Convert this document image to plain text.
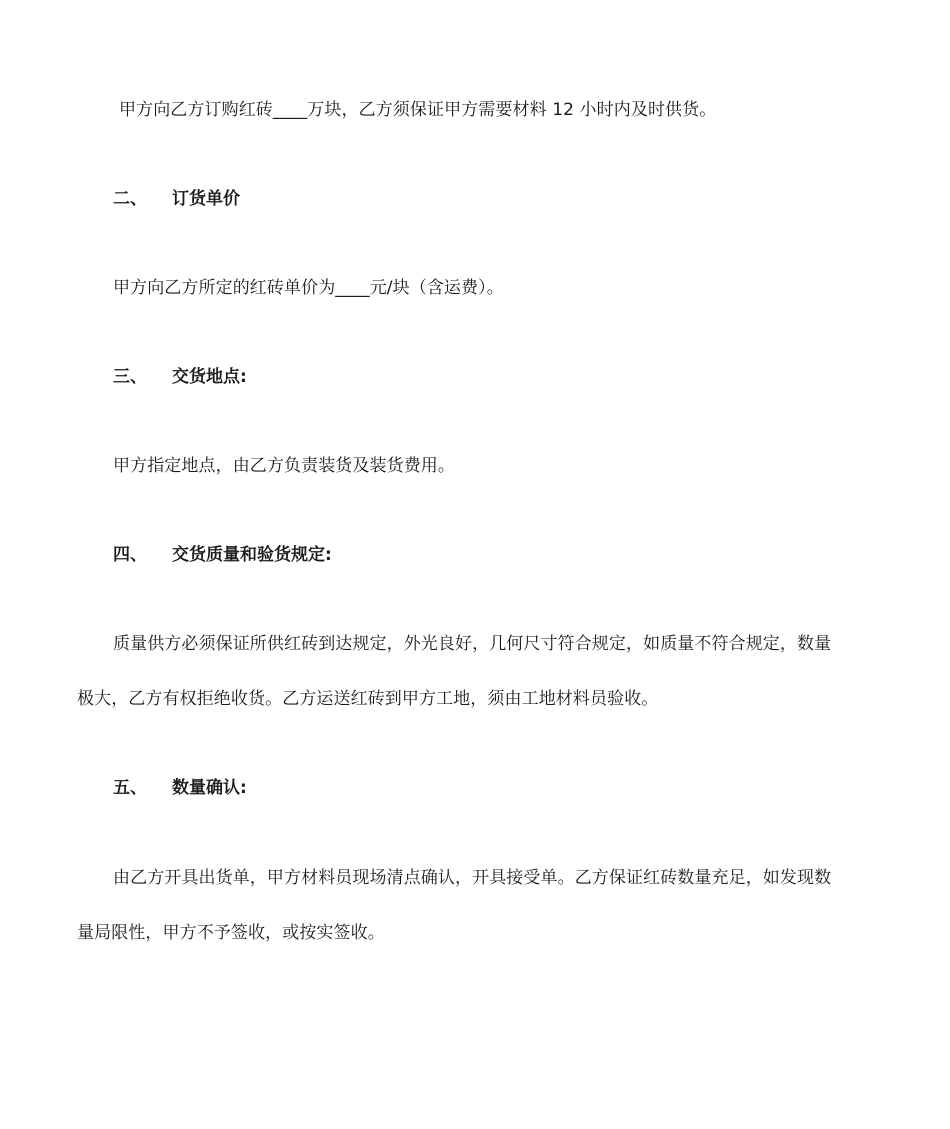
甲方向乙方订购红砖____万块，乙方须保证甲方需要材料 12 小时内及时供货。
二、 订货单价
甲方向乙方所定的红砖单价为____元/块（含运费）。
三、 交货地点:
甲方指定地点，由乙方负责装货及装货费用。
四、 交货质量和验货规定:
质量供方必须保证所供红砖到达规定，外光良好，几何尺寸符合规定，如质量不符合规定，数量
极大，乙方有权拒绝收货。乙方运送红砖到甲方工地，须由工地材料员验收。
五、 数量确认:
由乙方开具出货单，甲方材料员现场清点确认，开具接受单。乙方保证红砖数量充足，如发现数
量局限性，甲方不予签收，或按实签收。
